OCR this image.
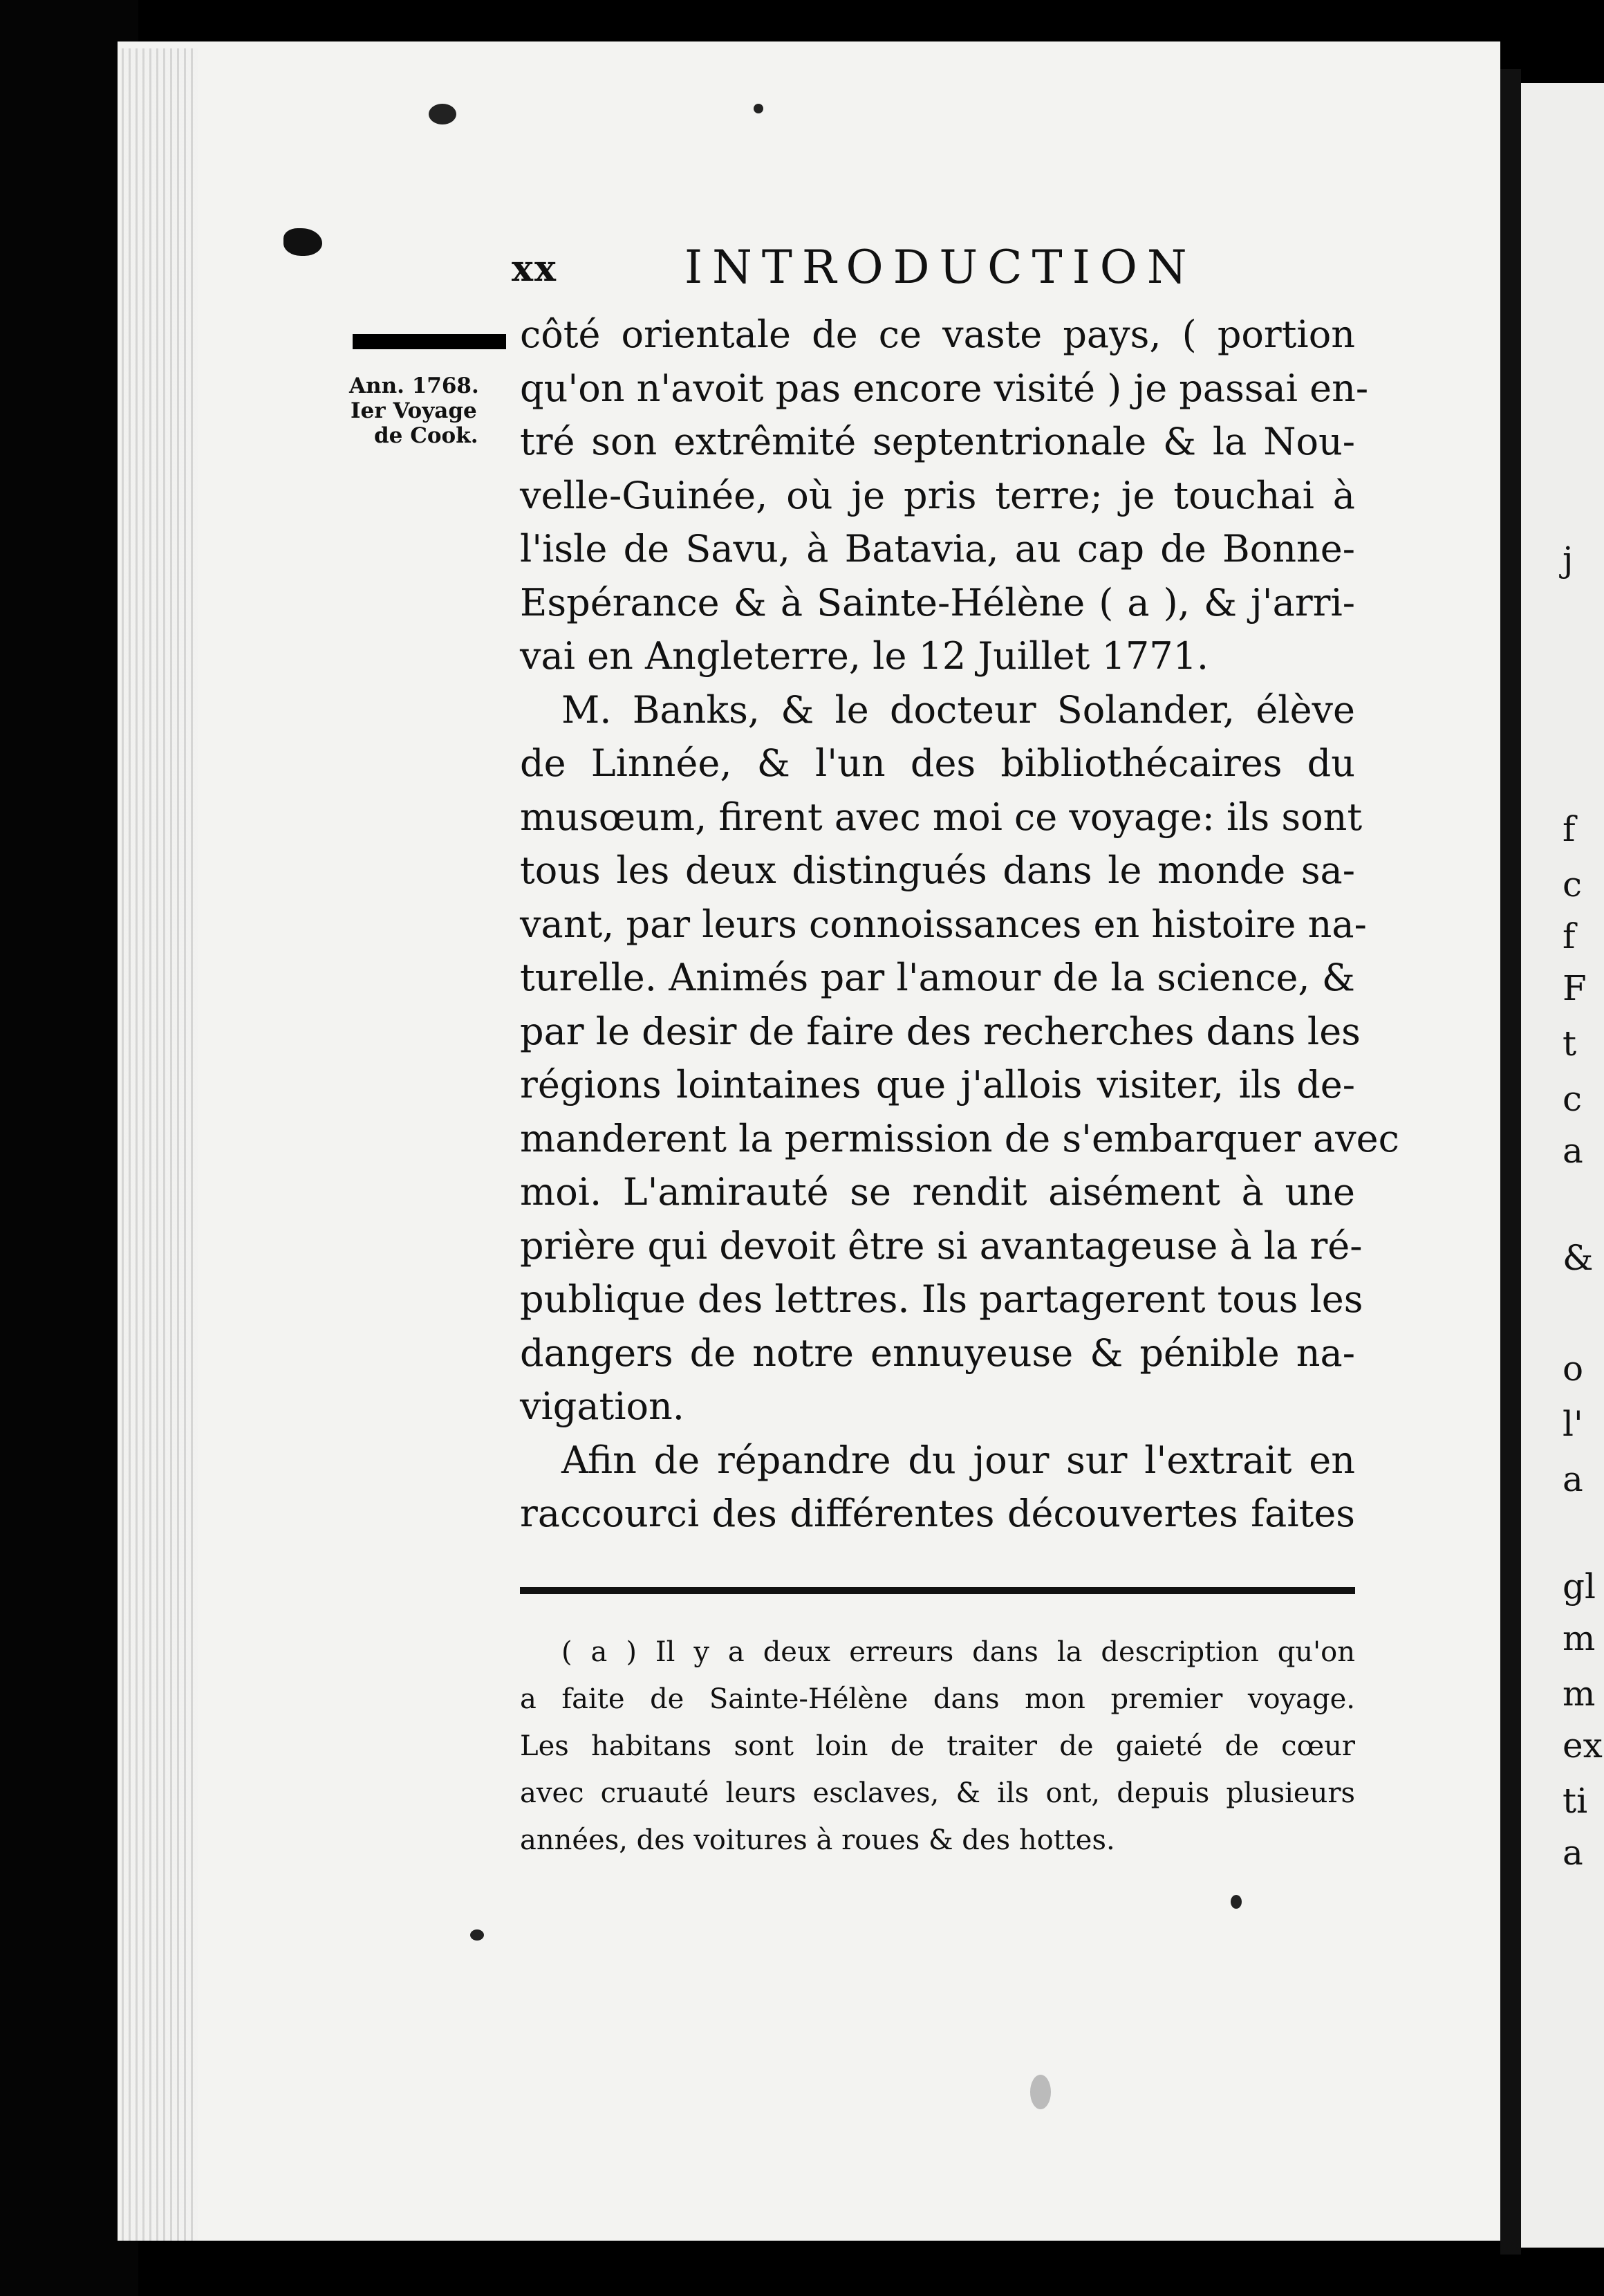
xx	INTRODUCTION
Ann. 1768.
Ier Voyage
de Cook.
côté orientale de ce vaste pays, ( portion
qu'on n'avoit pas encore visité ) je passai en-
tré son extrêmité septentrionale & la Nou-
velle-Guinée, où je pris terre; je touchai à
l'isle de Savu, à Batavia, au cap de Bonne-
Espérance & à Sainte-Hélène ( a ), & j'arri-
vai en Angleterre, le 12 Juillet 1771.
M. Banks, & le docteur Solander, élève
de Linnée, & l'un des bibliothécaires du
musœum, firent avec moi ce voyage: ils sont
tous les deux distingués dans le monde sa-
vant, par leurs connoissances en histoire na-
turelle. Animés par l'amour de la science, &
par le desir de faire des recherches dans les
régions lointaines que j'allois visiter, ils de-
manderent la permission de s'embarquer avec
moi. L'amirauté se rendit aisément à une
prière qui devoit être si avantageuse à la ré-
publique des lettres. Ils partagerent tous les
dangers de notre ennuyeuse & pénible na-
vigation.
Afin de répandre du jour sur l'extrait en
raccourci des différentes découvertes faites
( a ) Il y a deux erreurs dans la description qu'on
a faite de Sainte-Hélène dans mon premier voyage.
Les habitans sont loin de traiter de gaieté de cœur
avec cruauté leurs esclaves, & ils ont, depuis plusieurs
années, des voitures à roues & des hottes.
j
f
c
f
F
t
c
a
&
o
l'
a
gl
m
m
ex
ti
a
